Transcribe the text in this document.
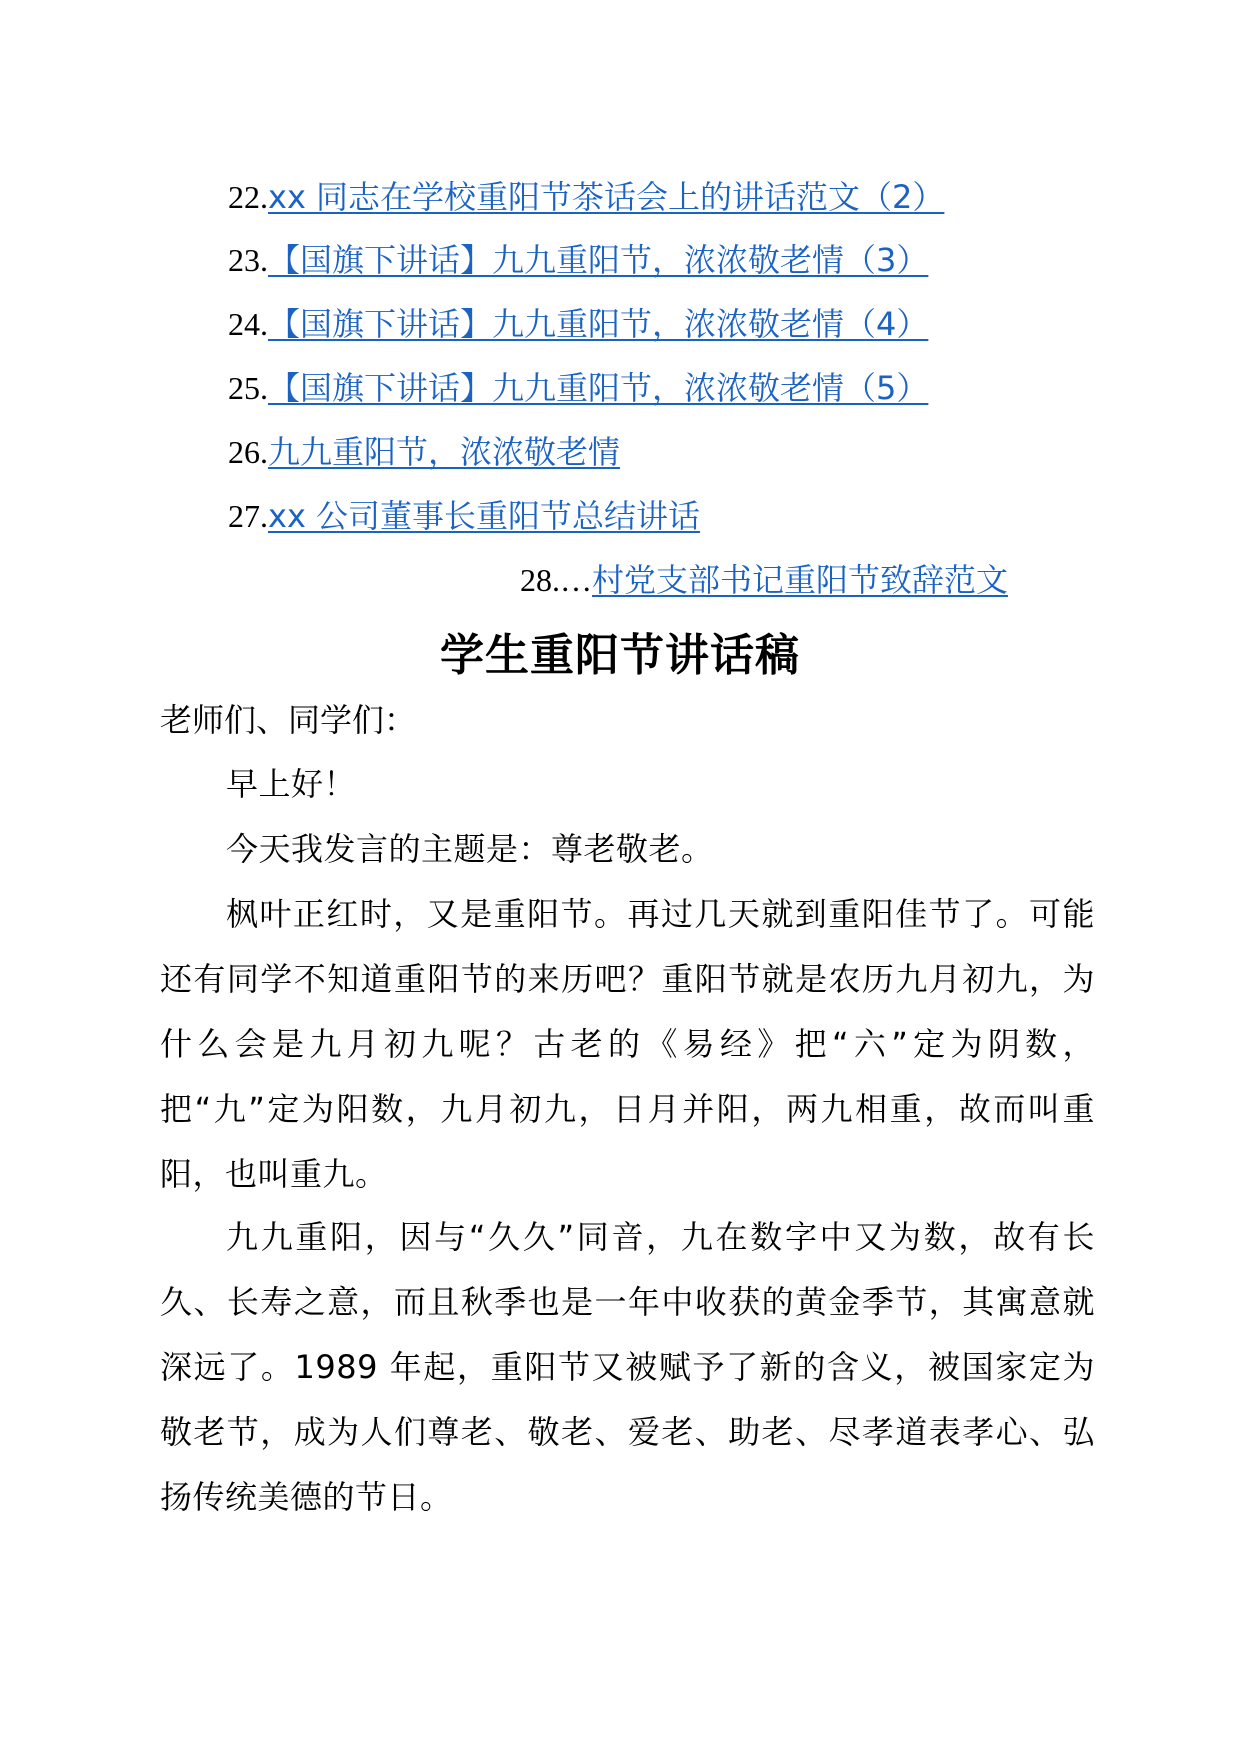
22.xx 同志在学校重阳节茶话会上的讲话范文（2）
23.【国旗下讲话】九九重阳节，浓浓敬老情（3）
24.【国旗下讲话】九九重阳节，浓浓敬老情（4）
25.【国旗下讲话】九九重阳节，浓浓敬老情（5）
26.九九重阳节，浓浓敬老情
27.xx 公司董事长重阳节总结讲话
28.…村党支部书记重阳节致辞范文
学生重阳节讲话稿

老师们、同学们：

早上好！

今天我发言的主题是：尊老敬老。

枫叶正红时，又是重阳节。再过几天就到重阳佳节了。可能还有同学不知道重阳节的来历吧？重阳节就是农历九月初九，为什么会是九月初九呢？古老的《易经》把“六”定为阴数，把“九”定为阳数，九月初九，日月并阳，两九相重，故而叫重阳，也叫重九。

九九重阳，因与“久久”同音，九在数字中又为数，故有长久、长寿之意，而且秋季也是一年中收获的黄金季节，其寓意就深远了。1989 年起，重阳节又被赋予了新的含义，被国家定为敬老节，成为人们尊老、敬老、爱老、助老、尽孝道表孝心、弘扬传统美德的节日。
